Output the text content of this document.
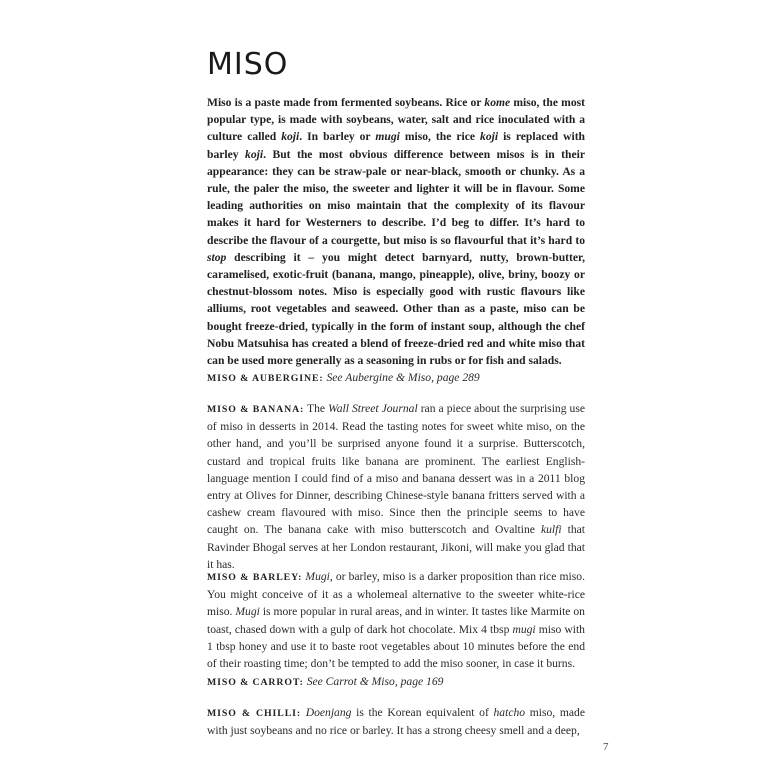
MISO

Miso is a paste made from fermented soybeans. Rice or kome miso, the most popular type, is made with soybeans, water, salt and rice inoculated with a culture called koji. In barley or mugi miso, the rice koji is replaced with barley koji. But the most obvious difference between misos is in their appearance: they can be straw-pale or near-black, smooth or chunky. As a rule, the paler the miso, the sweeter and lighter it will be in flavour. Some leading authorities on miso maintain that the complexity of its flavour makes it hard for Westerners to describe. I’d beg to differ. It’s hard to describe the flavour of a courgette, but miso is so flavourful that it’s hard to stop describing it – you might detect barnyard, nutty, brown-butter, caramelised, exotic-fruit (banana, mango, pineapple), olive, briny, boozy or chestnut-blossom notes. Miso is especially good with rustic flavours like alliums, root vegetables and seaweed. Other than as a paste, miso can be bought freeze-dried, typically in the form of instant soup, although the chef Nobu Matsuhisa has created a blend of freeze-dried red and white miso that can be used more generally as a seasoning in rubs or for fish and salads.

MISO & AUBERGINE: See Aubergine & Miso, page 289

MISO & BANANA: The Wall Street Journal ran a piece about the surprising use of miso in desserts in 2014. Read the tasting notes for sweet white miso, on the other hand, and you’ll be surprised anyone found it a surprise. Butterscotch, custard and tropical fruits like banana are prominent. The earliest English-language mention I could find of a miso and banana dessert was in a 2011 blog entry at Olives for Dinner, describing Chinese-style banana fritters served with a cashew cream flavoured with miso. Since then the principle seems to have caught on. The banana cake with miso butterscotch and Ovaltine kulfi that Ravinder Bhogal serves at her London restaurant, Jikoni, will make you glad that it has.

MISO & BARLEY: Mugi, or barley, miso is a darker proposition than rice miso. You might conceive of it as a wholemeal alternative to the sweeter white-rice miso. Mugi is more popular in rural areas, and in winter. It tastes like Marmite on toast, chased down with a gulp of dark hot chocolate. Mix 4 tbsp mugi miso with 1 tbsp honey and use it to baste root vegetables about 10 minutes before the end of their roasting time; don’t be tempted to add the miso sooner, in case it burns.

MISO & CARROT: See Carrot & Miso, page 169

MISO & CHILLI: Doenjang is the Korean equivalent of hatcho miso, made with just soybeans and no rice or barley. It has a strong cheesy smell and a deep,

7
